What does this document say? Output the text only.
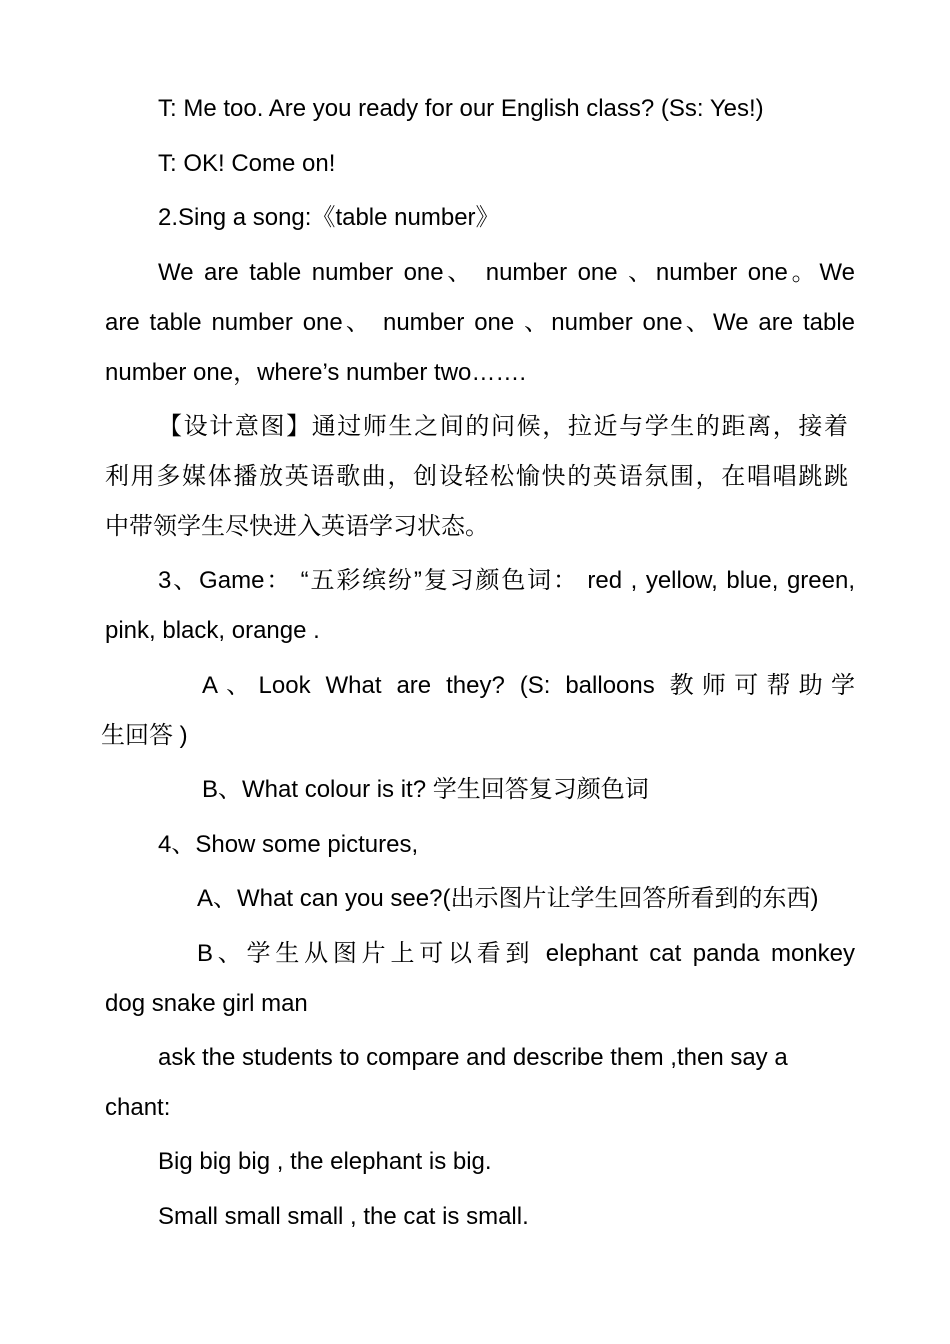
T: Me too. Are you ready for our English class? (Ss: Yes!)
T: OK! Come on!
2.Sing a song:《table number》
We are table number one、 number one 、number one。We
are table number one、 number one 、number one、We are table
number one，where’s number two…….
【设计意图】通过师生之间的问候，拉近与学生的距离，接着
利用多媒体播放英语歌曲，创设轻松愉快的英语氛围，在唱唱跳跳
中带领学生尽快进入英语学习状态。
3、Game： “五彩缤纷”复习颜色词： red , yellow, blue, green,
pink, black, orange .
A、Look What are they? (S: balloons 教师可帮助学
生回答 )
B、What colour is it? 学生回答复习颜色词
4、Show some pictures,
A、What can you see?(出示图片让学生回答所看到的东西)
B、学生从图片上可以看到 elephant cat panda monkey
dog snake girl man
ask the students to compare and describe them ,then say a
chant:
Big big big , the elephant is big.
Small small small , the cat is small.
